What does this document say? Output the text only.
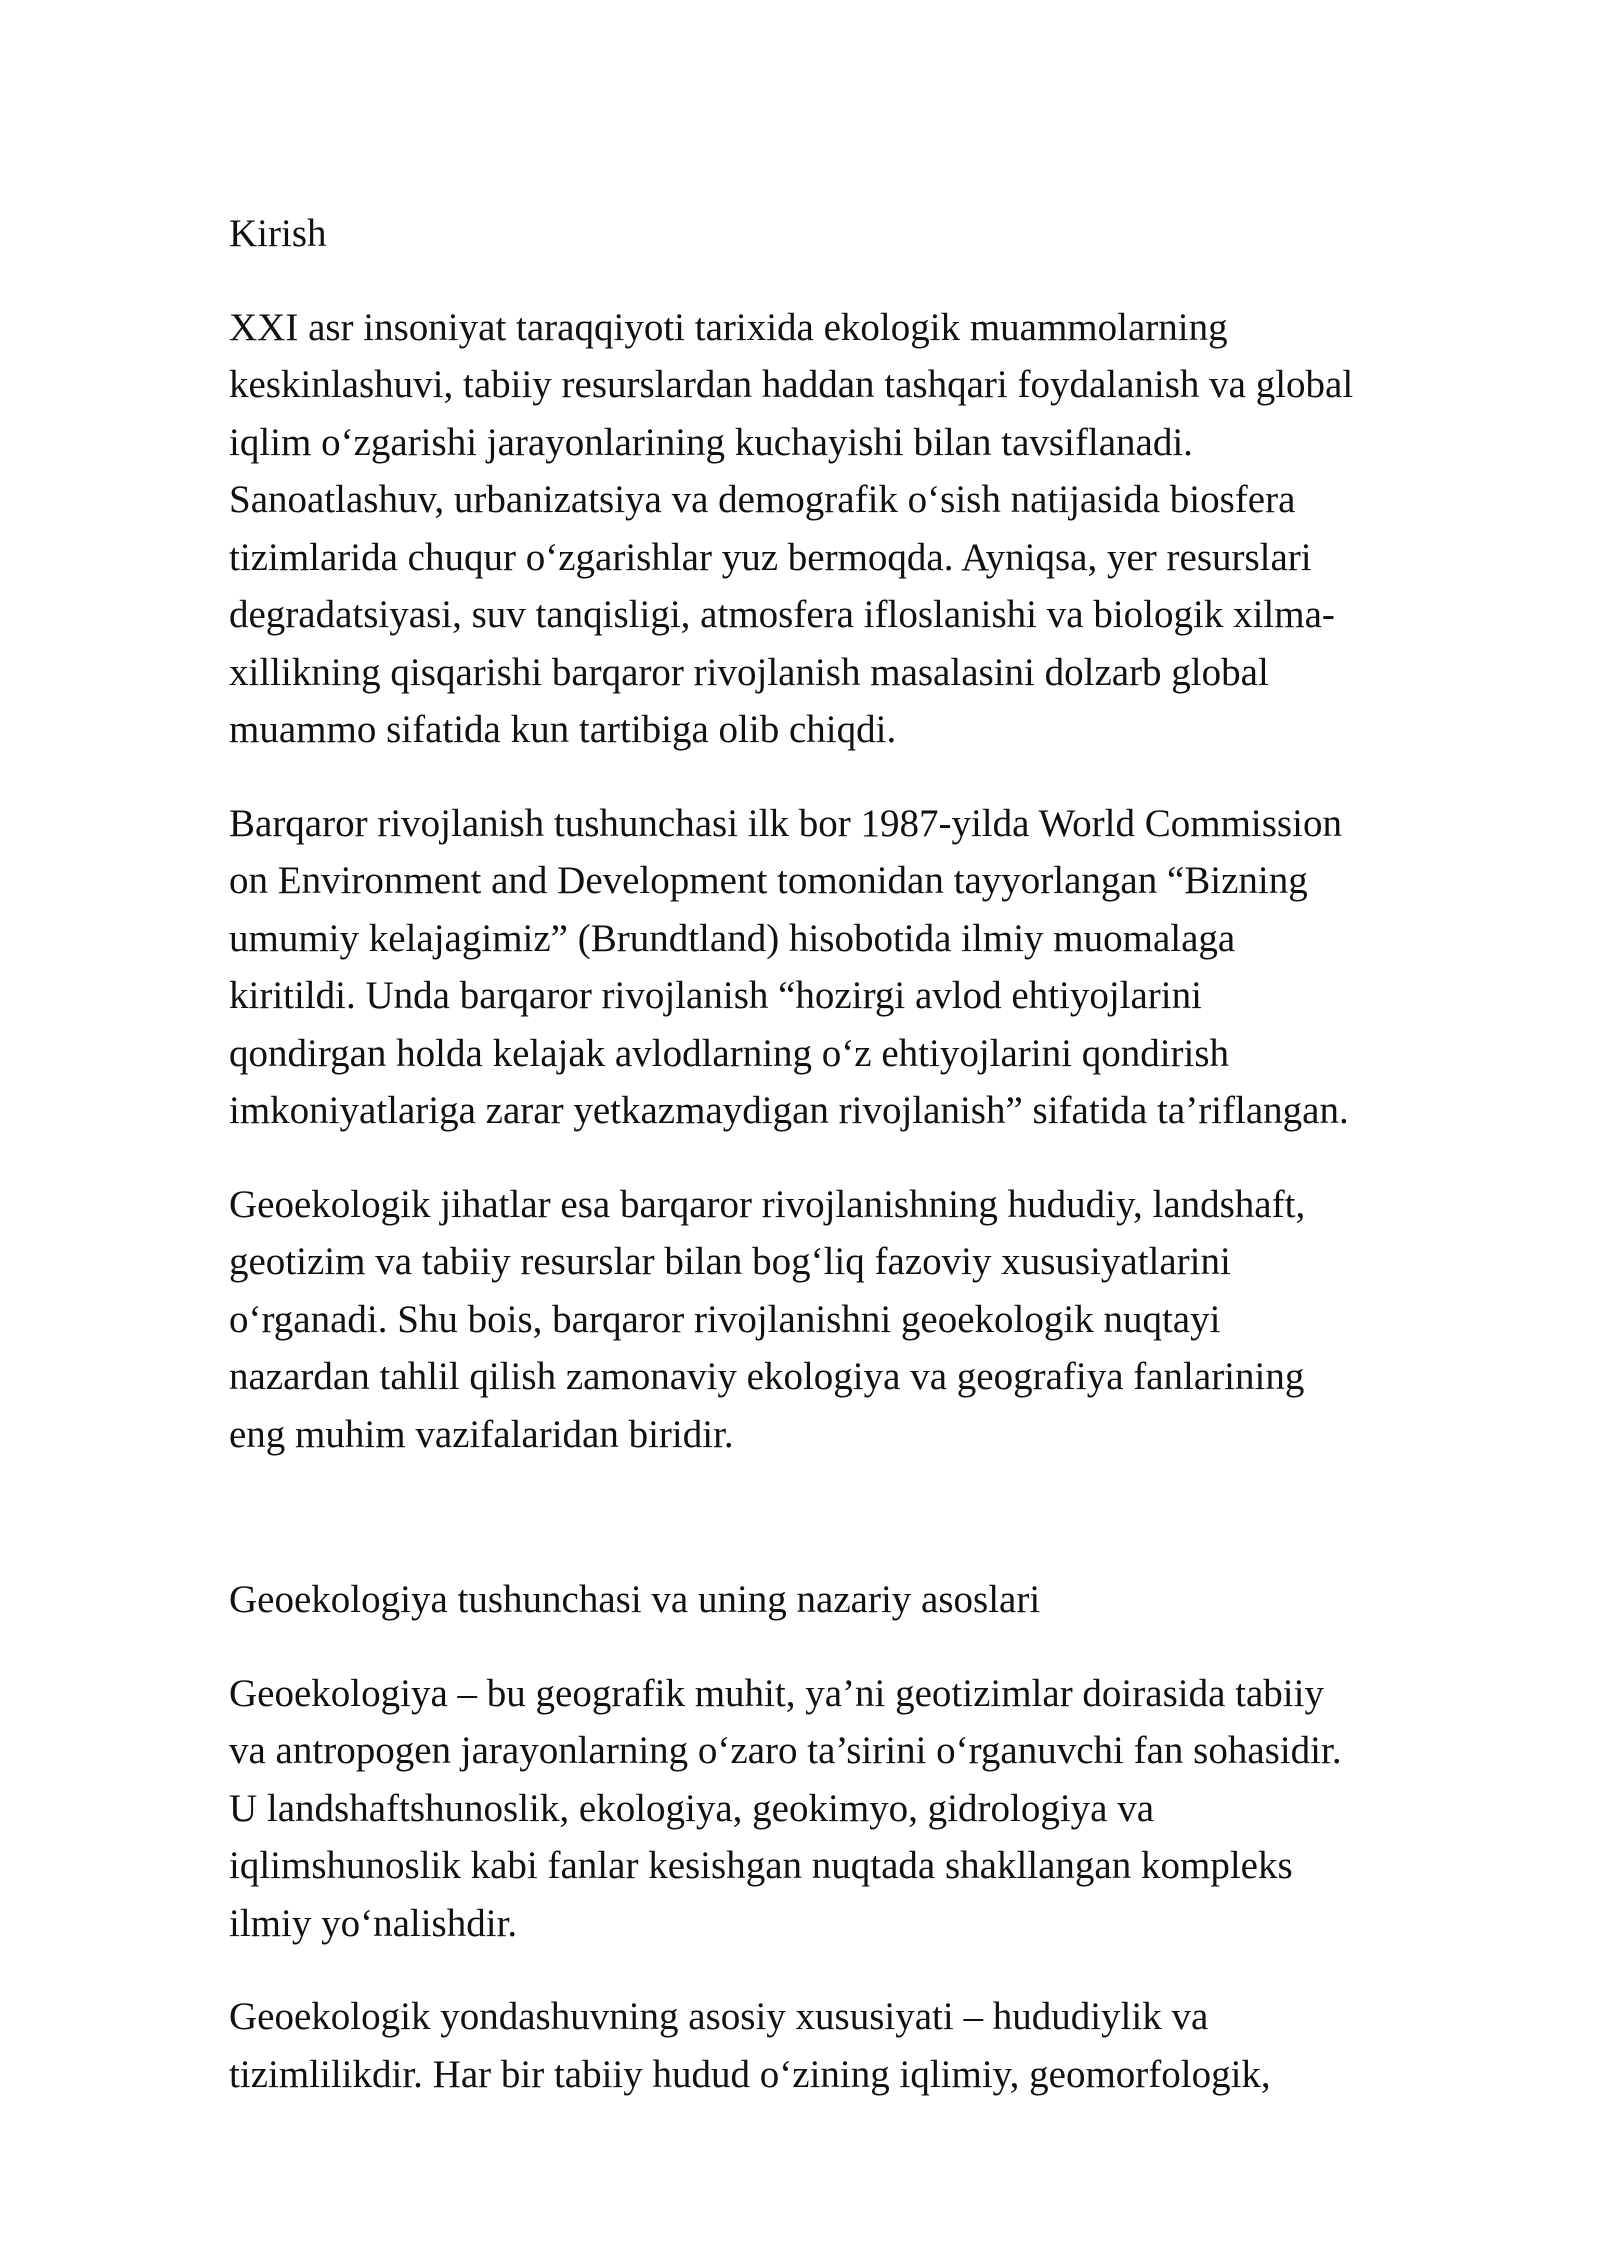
Kirish

XXI asr insoniyat taraqqiyoti tarixida ekologik muammolarning
keskinlashuvi, tabiiy resurslardan haddan tashqari foydalanish va global
iqlim o‘zgarishi jarayonlarining kuchayishi bilan tavsiflanadi.
Sanoatlashuv, urbanizatsiya va demografik o‘sish natijasida biosfera
tizimlarida chuqur o‘zgarishlar yuz bermoqda. Ayniqsa, yer resurslari
degradatsiyasi, suv tanqisligi, atmosfera ifloslanishi va biologik xilma-
xillikning qisqarishi barqaror rivojlanish masalasini dolzarb global
muammo sifatida kun tartibiga olib chiqdi.

Barqaror rivojlanish tushunchasi ilk bor 1987-yilda World Commission
on Environment and Development tomonidan tayyorlangan “Bizning
umumiy kelajagimiz” (Brundtland) hisobotida ilmiy muomalaga
kiritildi. Unda barqaror rivojlanish “hozirgi avlod ehtiyojlarini
qondirgan holda kelajak avlodlarning o‘z ehtiyojlarini qondirish
imkoniyatlariga zarar yetkazmaydigan rivojlanish” sifatida ta’riflangan.

Geoekologik jihatlar esa barqaror rivojlanishning hududiy, landshaft,
geotizim va tabiiy resurslar bilan bog‘liq fazoviy xususiyatlarini
o‘rganadi. Shu bois, barqaror rivojlanishni geoekologik nuqtayi
nazardan tahlil qilish zamonaviy ekologiya va geografiya fanlarining
eng muhim vazifalaridan biridir.

Geoekologiya tushunchasi va uning nazariy asoslari

Geoekologiya – bu geografik muhit, ya’ni geotizimlar doirasida tabiiy
va antropogen jarayonlarning o‘zaro ta’sirini o‘rganuvchi fan sohasidir.
U landshaftshunoslik, ekologiya, geokimyo, gidrologiya va
iqlimshunoslik kabi fanlar kesishgan nuqtada shakllangan kompleks
ilmiy yo‘nalishdir.

Geoekologik yondashuvning asosiy xususiyati – hududiylik va
tizimlilikdir. Har bir tabiiy hudud o‘zining iqlimiy, geomorfologik,
